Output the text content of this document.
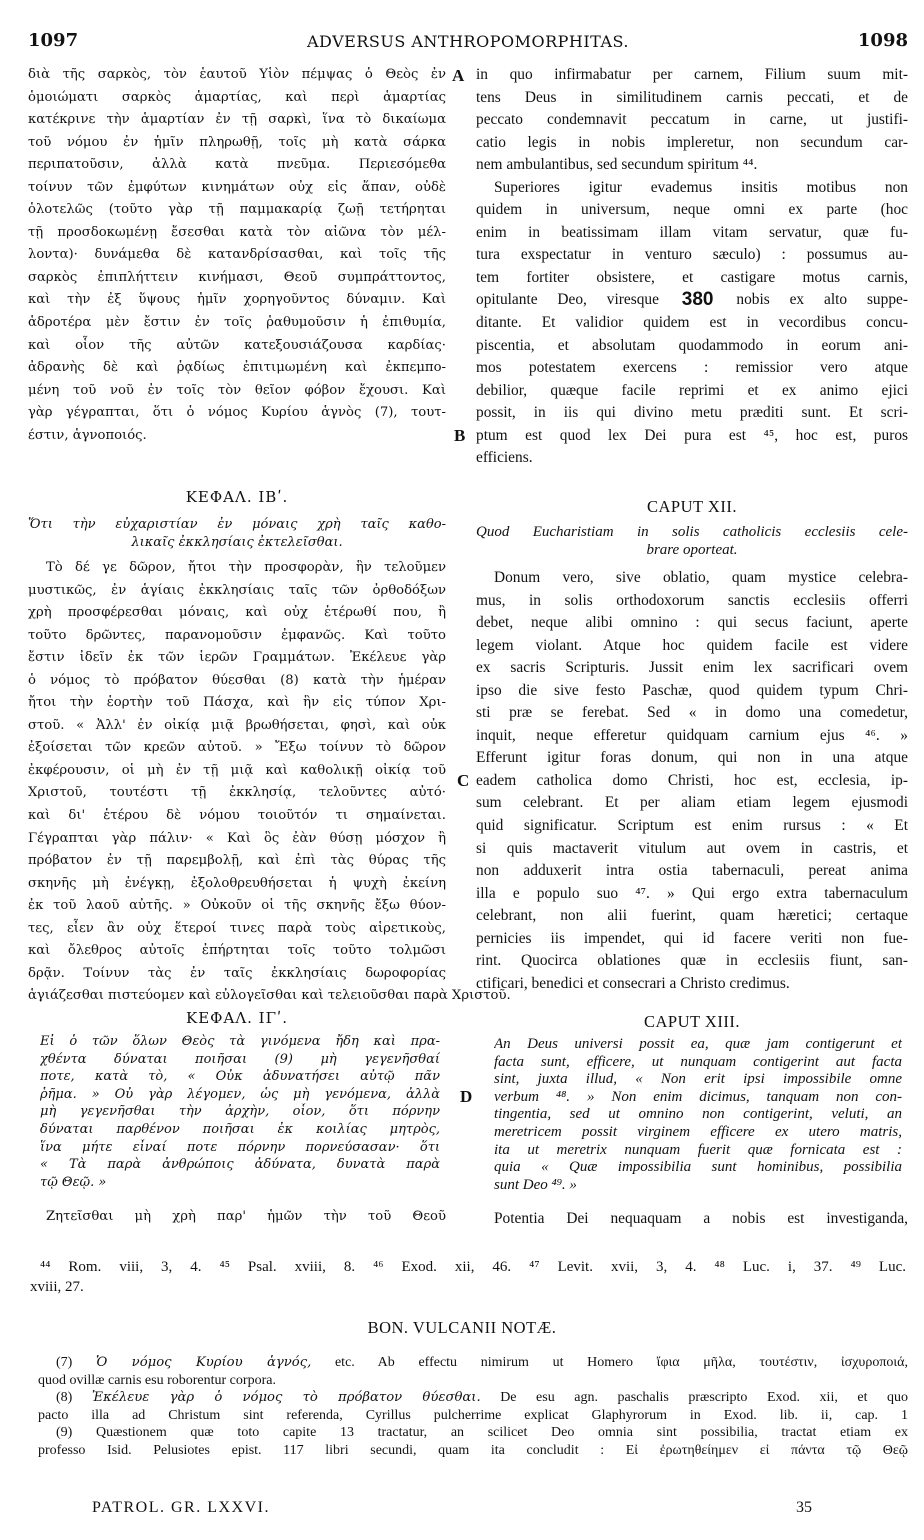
1097	ADVERSUS ANTHROPOMORPHITAS.	1098
A
B
C
D
διὰ τῆς σαρκὸς, τὸν ἑαυτοῦ Υἱὸν πέμψας ὁ Θεὸς ἐν
ὁμοιώματι σαρκὸς ἁμαρτίας, καὶ περὶ ἁμαρτίας
κατέκρινε τὴν ἁμαρτίαν ἐν τῇ σαρκὶ, ἵνα τὸ δικαίωμα
τοῦ νόμου ἐν ἡμῖν πληρωθῇ, τοῖς μὴ κατὰ σάρκα
περιπατοῦσιν, ἀλλὰ κατὰ πνεῦμα. Περιεσόμεθα
τοίνυν τῶν ἐμφύτων κινημάτων οὐχ εἰς ἅπαν, οὐδὲ
ὁλοτελῶς (τοῦτο γὰρ τῇ παμμακαρίᾳ ζωῇ τετήρηται
τῇ προσδοκωμένῃ ἔσεσθαι κατὰ τὸν αἰῶνα τὸν μέλ-
λοντα)· δυνάμεθα δὲ κατανδρίσασθαι, καὶ τοῖς τῆς
σαρκὸς ἐπιπλήττειν κινήμασι, Θεοῦ συμπράττοντος,
καὶ τὴν ἐξ ὕψους ἡμῖν χορηγοῦντος δύναμιν. Καὶ
ἁδροτέρα μὲν ἔστιν ἐν τοῖς ῥαθυμοῦσιν ἡ ἐπιθυμία,
καὶ οἷον τῆς αὐτῶν κατεξουσιάζουσα καρδίας·
ἀδρανὴς δὲ καὶ ῥᾳδίως ἐπιτιμωμένη καὶ ἐκπεμπο-
μένη τοῦ νοῦ ἐν τοῖς τὸν θεῖον φόβον ἔχουσι. Καὶ
γὰρ γέγραπται, ὅτι ὁ νόμος Κυρίου ἁγνὸς (7), τουτ-
έστιν, ἁγνοποιός.
in quo infirmabatur per carnem, Filium suum mit-
tens Deus in similitudinem carnis peccati, et de
peccato condemnavit peccatum in carne, ut justifi-
catio legis in nobis impleretur, non secundum car-
nem ambulantibus, sed secundum spiritum ⁴⁴.
Superiores igitur evademus insitis motibus non
quidem in universum, neque omni ex parte (hoc
enim in beatissimam illam vitam servatur, quæ fu-
tura exspectatur in venturo sæculo) : possumus au-
tem fortiter obsistere, et castigare motus carnis,
opitulante Deo, viresque 380 nobis ex alto suppe-
ditante. Et validior quidem est in vecordibus concu-
piscentia, et absolutam quodammodo in eorum ani-
mos potestatem exercens : remissior vero atque
debilior, quæque facile reprimi et ex animo ejici
possit, in iis qui divino metu præditi sunt. Et scri-
ptum est quod lex Dei pura est ⁴⁵, hoc est, puros
efficiens.
ΚΕΦΑΛ. ΙΒʹ.	CAPUT XII.
Ὅτι τὴν εὐχαριστίαν ἐν μόναις χρὴ ταῖς καθο-
λικαῖς ἐκκλησίαις ἐκτελεῖσθαι.
Quod Eucharistiam in solis catholicis ecclesiis cele-
brare oporteat.
Τὸ δέ γε δῶρον, ἤτοι τὴν προσφορὰν, ἣν τελοῦμεν
μυστικῶς, ἐν ἁγίαις ἐκκλησίαις ταῖς τῶν ὀρθοδόξων
χρὴ προσφέρεσθαι μόναις, καὶ οὐχ ἑτέρωθί που, ἢ
τοῦτο δρῶντες, παρανομοῦσιν ἐμφανῶς. Καὶ τοῦτο
ἔστιν ἰδεῖν ἐκ τῶν ἱερῶν Γραμμάτων. Ἐκέλευε γὰρ
ὁ νόμος τὸ πρόβατον θύεσθαι (8) κατὰ τὴν ἡμέραν
ἤτοι τὴν ἑορτὴν τοῦ Πάσχα, καὶ ἣν εἰς τύπον Χρι-
στοῦ. « Ἀλλ' ἐν οἰκίᾳ μιᾷ βρωθήσεται, φησὶ, καὶ οὐκ
ἐξοίσεται τῶν κρεῶν αὐτοῦ. » Ἔξω τοίνυν τὸ δῶρον
ἐκφέρουσιν, οἱ μὴ ἐν τῇ μιᾷ καὶ καθολικῇ οἰκίᾳ τοῦ
Χριστοῦ, τουτέστι τῇ ἐκκλησίᾳ, τελοῦντες αὐτό·
καὶ δι' ἑτέρου δὲ νόμου τοιοῦτόν τι σημαίνεται.
Γέγραπται γὰρ πάλιν· « Καὶ ὃς ἐὰν θύσῃ μόσχον ἢ
πρόβατον ἐν τῇ παρεμβολῇ, καὶ ἐπὶ τὰς θύρας τῆς
σκηνῆς μὴ ἐνέγκῃ, ἐξολοθρευθήσεται ἡ ψυχὴ ἐκείνη
ἐκ τοῦ λαοῦ αὐτῆς. » Οὐκοῦν οἱ τῆς σκηνῆς ἔξω θύον-
τες, εἶεν ἂν οὐχ ἕτεροί τινες παρὰ τοὺς αἱρετικοὺς,
καὶ ὄλεθρος αὐτοῖς ἐπήρτηται τοῖς τοῦτο τολμῶσι
δρᾷν. Τοίνυν τὰς ἐν ταῖς ἐκκλησίαις δωροφορίας
Donum vero, sive oblatio, quam mystice celebra-
mus, in solis orthodoxorum sanctis ecclesiis offerri
debet, neque alibi omnino : qui secus faciunt, aperte
legem violant. Atque hoc quidem facile est videre
ex sacris Scripturis. Jussit enim lex sacrificari ovem
ipso die sive festo Paschæ, quod quidem typum Chri-
sti præ se ferebat. Sed « in domo una comedetur,
inquit, neque efferetur quidquam carnium ejus ⁴⁶. »
Efferunt igitur foras donum, qui non in una atque
eadem catholica domo Christi, hoc est, ecclesia, ip-
sum celebrant. Et per aliam etiam legem ejusmodi
quid significatur. Scriptum est enim rursus : « Et
si quis mactaverit vitulum aut ovem in castris, et
non adduxerit intra ostia tabernaculi, pereat anima
illa e populo suo ⁴⁷. » Qui ergo extra tabernaculum
celebrant, non alii fuerint, quam hæretici; certaque
pernicies iis impendet, qui id facere veriti non fue-
rint. Quocirca oblationes quæ in ecclesiis fiunt, san-
ctificari, benedici et consecrari a Christo credimus.
ἁγιάζεσθαι πιστεύομεν καὶ εὐλογεῖσθαι καὶ τελειοῦσθαι παρὰ Χριστοῦ.
ΚΕΦΑΛ. ΙΓʹ.	CAPUT XIII.
Εἰ ὁ τῶν ὅλων Θεὸς τὰ γινόμενα ἤδη καὶ πρα-
χθέντα δύναται ποιῆσαι (9) μὴ γεγενῆσθαί
ποτε, κατὰ τὸ, « Οὐκ ἀδυνατήσει αὐτῷ πᾶν
ῥῆμα. » Οὐ γὰρ λέγομεν, ὡς μὴ γενόμενα, ἀλλὰ
μὴ γεγενῆσθαι τὴν ἀρχὴν, οἷον, ὅτι πόρνην
δύναται παρθένον ποιῆσαι ἐκ κοιλίας μητρὸς,
ἵνα μήτε εἶναί ποτε πόρνην πορνεύσασαν· ὅτι
« Τὰ παρὰ ἀνθρώποις ἀδύνατα, δυνατὰ παρὰ
τῷ Θεῷ. »
An Deus universi possit ea, quæ jam contigerunt et
facta sunt, efficere, ut nunquam contigerint aut facta
sint, juxta illud, « Non erit ipsi impossibile omne
verbum ⁴⁸. » Non enim dicimus, tanquam non con-
tingentia, sed ut omnino non contigerint, veluti, an
meretricem possit virginem efficere ex utero matris,
ita ut meretrix nunquam fuerit quæ fornicata est :
quia « Quæ impossibilia sunt hominibus, possibilia
sunt Deo ⁴⁹. »
Ζητεῖσθαι μὴ χρὴ παρ' ἡμῶν τὴν τοῦ Θεοῦ	Potentia Dei nequaquam a nobis est investiganda,
⁴⁴ Rom. viii, 3, 4. ⁴⁵ Psal. xviii, 8. ⁴⁶ Exod. xii, 46. ⁴⁷ Levit. xvii, 3, 4. ⁴⁸ Luc. i, 37. ⁴⁹ Luc.
xviii, 27.
BON. VULCANII NOTÆ.
(7) Ὁ νόμος Κυρίου ἁγνός, etc. Ab effectu nimirum ut Homero ἴφια μῆλα, τουτέστιν, ἰσχυροποιά,
quod ovillæ carnis esu roborentur corpora.
(8) Ἐκέλευε γὰρ ὁ νόμος τὸ πρόβατον θύεσθαι. De esu agn. paschalis præscripto Exod. xii, et quo
pacto illa ad Christum sint referenda, Cyrillus pulcherrime explicat Glaphyrorum in Exod. lib. ii, cap. 1
(9) Quæstionem quæ toto capite 13 tractatur, an scilicet Deo omnia sint possibilia, tractat etiam ex
professo Isid. Pelusiotes epist. 117 libri secundi, quam ita concludit : Εἰ ἐρωτηθείημεν εἰ πάντα τῷ Θεῷ
PATROL. GR. LXXVI.	35
